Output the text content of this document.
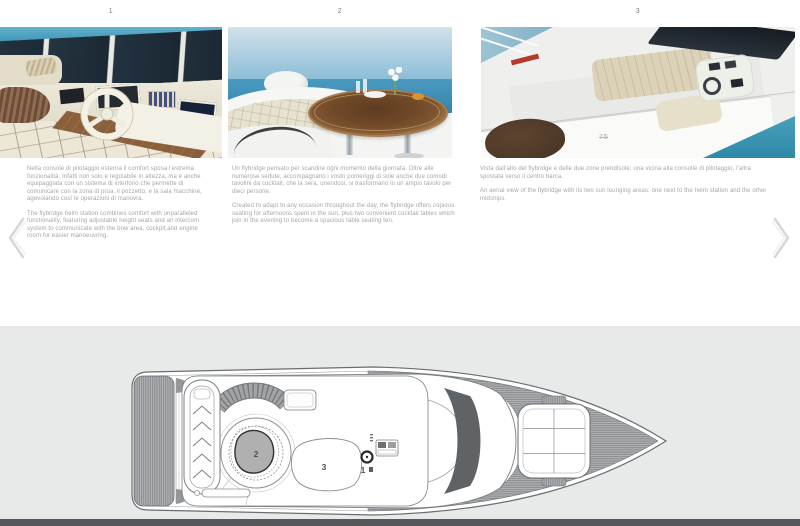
1	2	3

Nella console di pilotaggio esterna il comfort sposa l'estrema funzionalità. Infatti non solo è regolabile in altezza, ma è anche equipaggiata con un sistema di interfono che permette di comunicare con la zona di prua, il pozzetto, e la sala macchine, agevolando così le operazioni di manovra.

The flybridge helm station combines comfort with unparalleled functionality, featuring adjustable height seats and an intercom system to communicate with the bow area, cockpit,and engine room for easier manoeuvring.

Un flybridge pensato per scandire ogni momento della giornata. Oltre alle numerose sedute, accompagnano i vostri pomeriggi di sole anche due comodi tavolini da cocktail, che la sera, unendosi, si trasformano in un ampio tavolo per dieci persone.

Created to adapt to any occasion throughout the day, the flybridge offers copious seating for afternoons spent in the sun, plus two convenient cocktail tables which join in the evening to become a spacious table seating ten.

Vista dall'alto del flybridge e delle due zone prendisole: una vicina alla consolle di pilotaggio, l'altra spostata verso il centro barca.

An aerial view of the flybridge with its two sun lounging areas: one next to the helm station and the other midships.

2
3	1
